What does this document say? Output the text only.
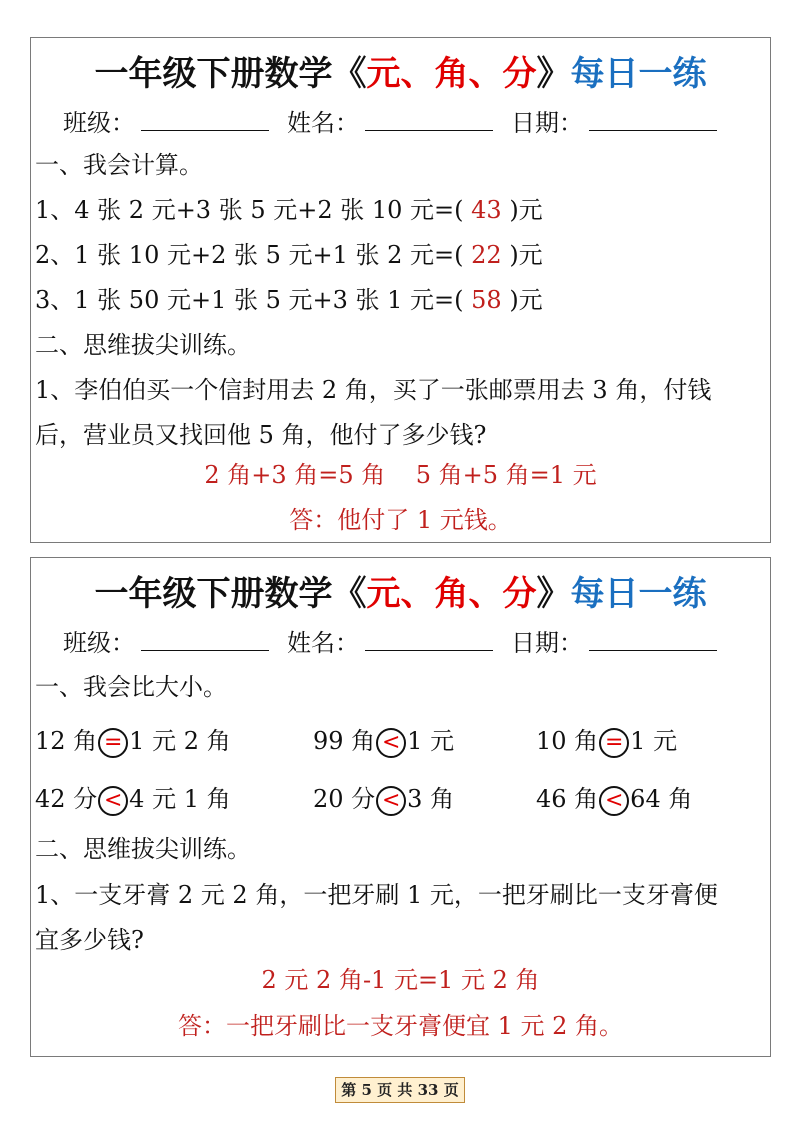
一年级下册数学《元、角、分》每日一练
班级：	姓名：	日期：
一、我会计算。
1、4 张 2 元+3 张 5 元+2 张 10 元=( 43 )元
2、1 张 10 元+2 张 5 元+1 张 2 元=( 22 )元
3、1 张 50 元+1 张 5 元+3 张 1 元=( 58 )元
二、思维拔尖训练。
1、李伯伯买一个信封用去 2 角，买了一张邮票用去 3 角，付钱
后，营业员又找回他 5 角，他付了多少钱?
2 角+3 角=5 角    5 角+5 角=1 元
答：他付了 1 元钱。
一年级下册数学《元、角、分》每日一练
班级：	姓名：	日期：
一、我会比大小。
12 角 = 1 元 2 角	99 角 < 1 元	10 角 = 1 元
42 分 < 4 元 1 角	20 分 < 3 角	46 角 < 64 角
二、思维拔尖训练。
1、一支牙膏 2 元 2 角，一把牙刷 1 元，一把牙刷比一支牙膏便
宜多少钱?
2 元 2 角-1 元=1 元 2 角
答：一把牙刷比一支牙膏便宜 1 元 2 角。
第 5 页 共 33 页
